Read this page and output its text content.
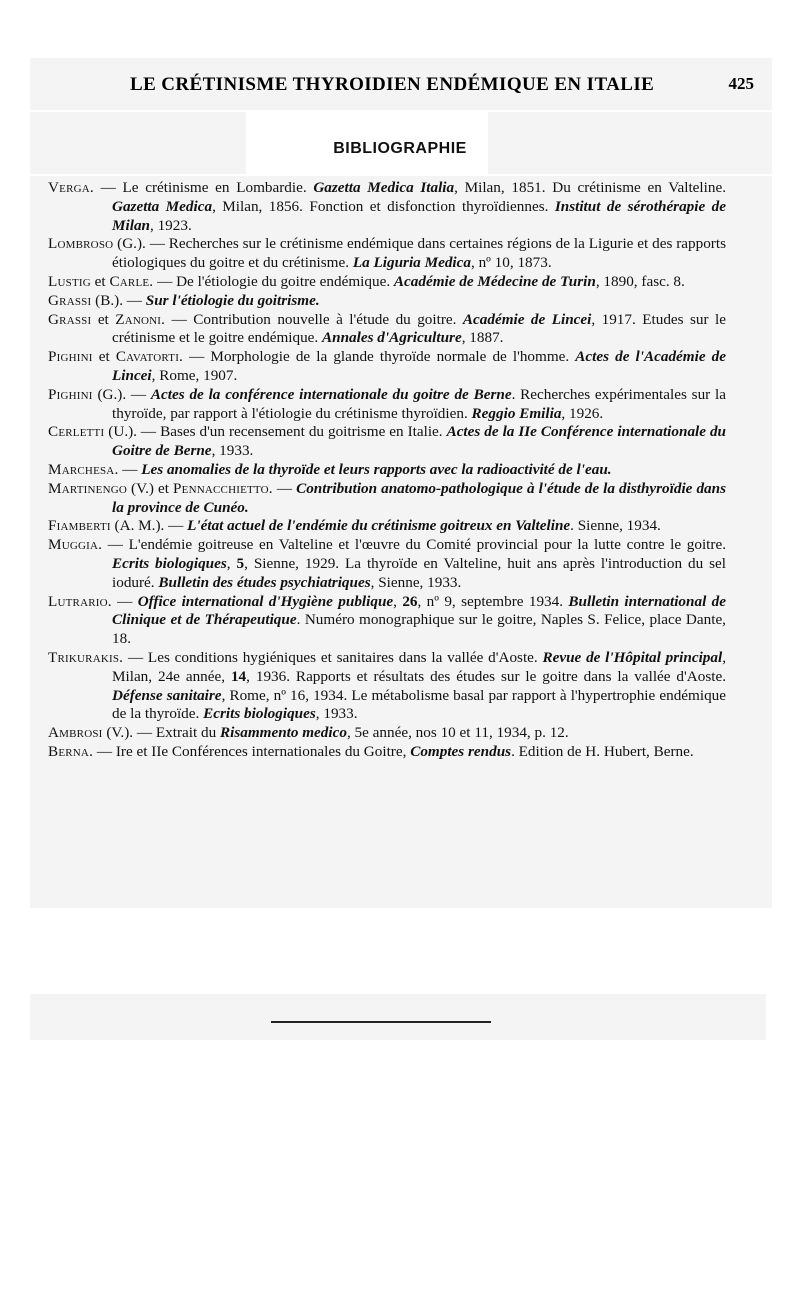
LE CRÉTINISME THYROIDIEN ENDÉMIQUE EN ITALIE	425
BIBLIOGRAPHIE
Verga. — Le crétinisme en Lombardie. Gazetta Medica Italia, Milan, 1851. Du crétinisme en Valteline. Gazetta Medica, Milan, 1856. Fonction et disfonction thyroïdiennes. Institut de sérothérapie de Milan, 1923.
Lombroso (G.). — Recherches sur le crétinisme endémique dans certaines régions de la Ligurie et des rapports étiologiques du goitre et du crétinisme. La Liguria Medica, nº 10, 1873.
Lustig et Carle. — De l'étiologie du goitre endémique. Académie de Médecine de Turin, 1890, fasc. 8.
Grassi (B.). — Sur l'étiologie du goitrisme.
Grassi et Zanoni. — Contribution nouvelle à l'étude du goitre. Académie de Lincei, 1917. Etudes sur le crétinisme et le goitre endémique. Annales d'Agriculture, 1887.
Pighini et Cavatorti. — Morphologie de la glande thyroïde normale de l'homme. Actes de l'Académie de Lincei, Rome, 1907.
Pighini (G.). — Actes de la conférence internationale du goitre de Berne. Recherches expérimentales sur la thyroïde, par rapport à l'étiologie du crétinisme thyroïdien. Reggio Emilia, 1926.
Cerletti (U.). — Bases d'un recensement du goitrisme en Italie. Actes de la IIe Conférence internationale du Goitre de Berne, 1933.
Marchesa. — Les anomalies de la thyroïde et leurs rapports avec la radioactivité de l'eau.
Martinengo (V.) et Pennacchietto. — Contribution anatomo-pathologique à l'étude de la disthyroïdie dans la province de Cunéo.
Fiamberti (A. M.). — L'état actuel de l'endémie du crétinisme goitreux en Valteline. Sienne, 1934.
Muggia. — L'endémie goitreuse en Valteline et l'œuvre du Comité provincial pour la lutte contre le goitre. Ecrits biologiques, 5, Sienne, 1929. La thyroïde en Valteline, huit ans après l'introduction du sel ioduré. Bulletin des études psychiatriques, Sienne, 1933.
Lutrario. — Office international d'Hygiène publique, 26, nº 9, septembre 1934. Bulletin international de Clinique et de Thérapeutique. Numéro monographique sur le goitre, Naples S. Felice, place Dante, 18.
Trikurakis. — Les conditions hygiéniques et sanitaires dans la vallée d'Aoste. Revue de l'Hôpital principal, Milan, 24e année, 14, 1936. Rapports et résultats des études sur le goitre dans la vallée d'Aoste. Défense sanitaire, Rome, nº 16, 1934. Le métabolisme basal par rapport à l'hypertrophie endémique de la thyroïde. Ecrits biologiques, 1933.
Ambrosi (V.). — Extrait du Risammento medico, 5e année, nos 10 et 11, 1934, p. 12.
Berna. — Ire et IIe Conférences internationales du Goitre, Comptes rendus. Edition de H. Hubert, Berne.
